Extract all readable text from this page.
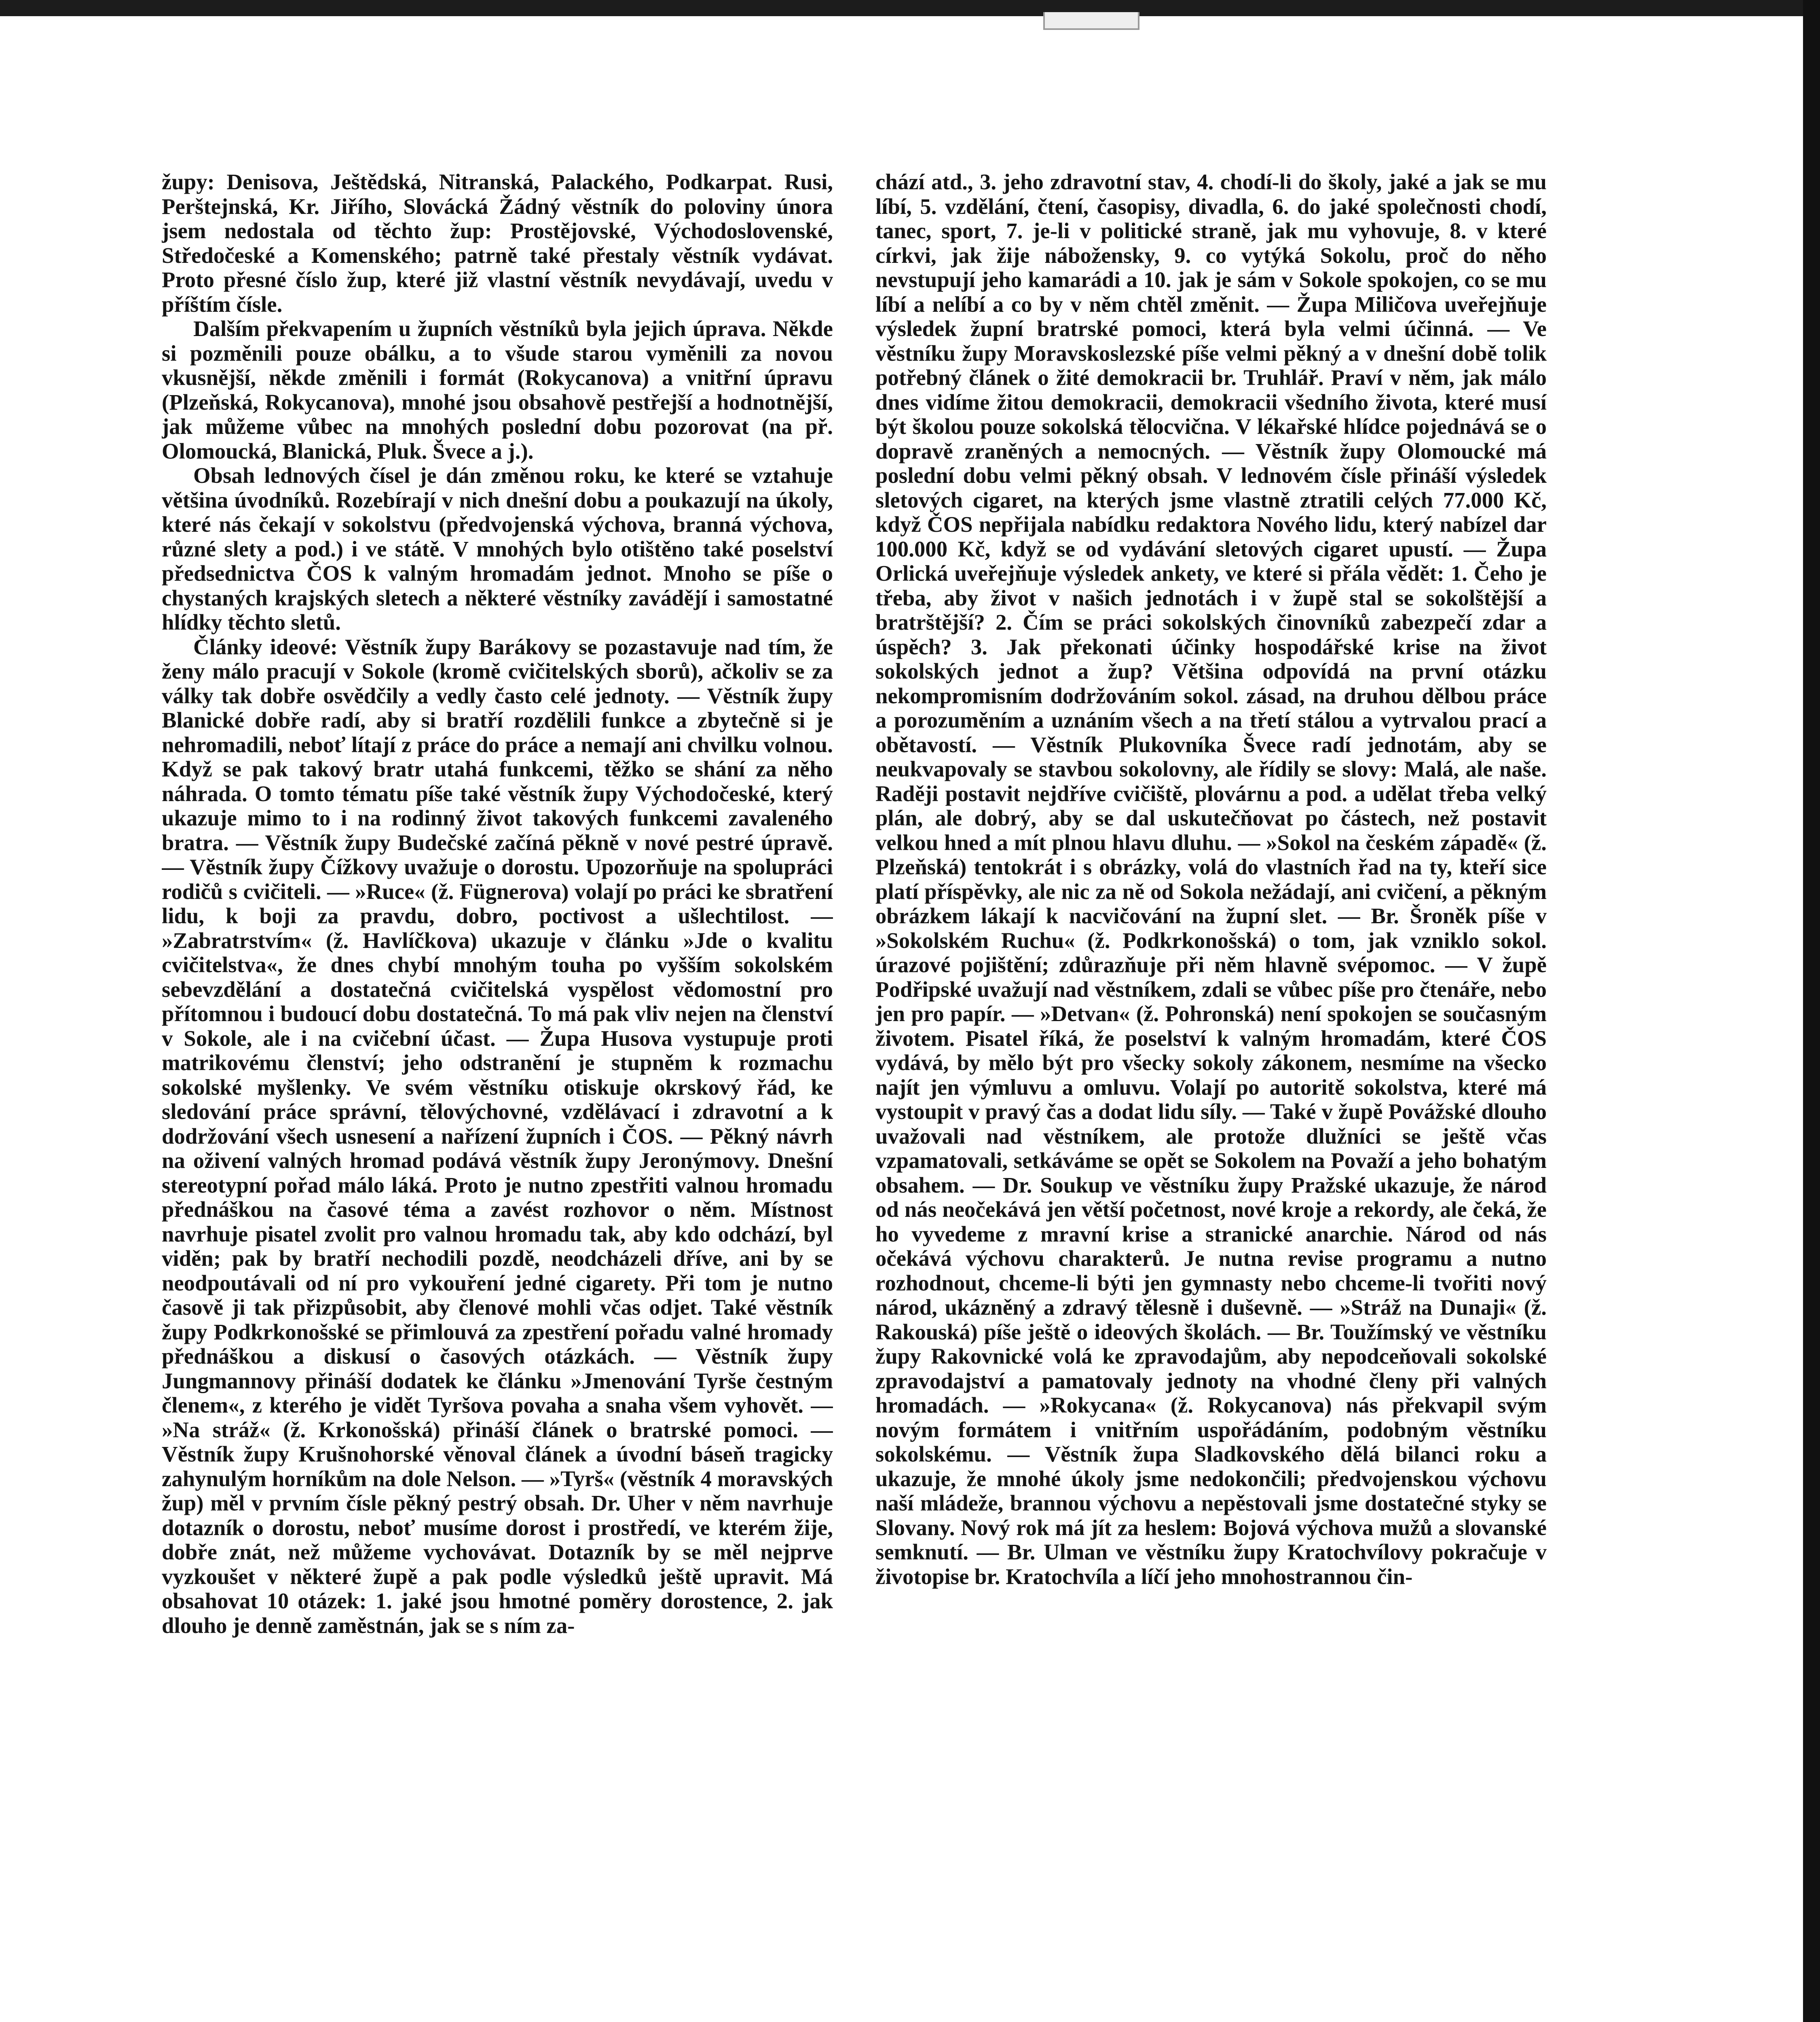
župy: Denisova, Ještědská, Nitranská, Palackého, Podkarpat. Rusi, Perštejnská, Kr. Jiřího, Slovácká Žádný věstník do poloviny února jsem nedostala od těchto žup: Prostějovské, Východoslovenské, Středočeské a Komenského; patrně také přestaly věstník vydávat. Proto přesné číslo žup, které již vlastní věstník nevydávají, uvedu v příštím čísle.

Dalším překvapením u župních věstníků byla jejich úprava. Někde si pozměnili pouze obálku, a to všude starou vyměnili za novou vkusnější, někde změnili i formát (Rokycanova) a vnitřní úpravu (Plzeňská, Rokycanova), mnohé jsou obsahově pestřejší a hodnotnější, jak můžeme vůbec na mnohých poslední dobu pozorovat (na př. Olomoucká, Blanická, Pluk. Švece a j.).

Obsah lednových čísel je dán změnou roku, ke které se vztahuje většina úvodníků. Rozebírají v nich dnešní dobu a poukazují na úkoly, které nás čekají v sokolstvu (předvojenská výchova, branná výchova, různé slety a pod.) i ve státě. V mnohých bylo otištěno také poselství předsednictva ČOS k valným hromadám jednot. Mnoho se píše o chystaných krajských sletech a některé věstníky zavádějí i samostatné hlídky těchto sletů.

Články ideové: Věstník župy Barákovy se pozastavuje nad tím, že ženy málo pracují v Sokole (kromě cvičitelských sborů), ačkoliv se za války tak dobře osvědčily a vedly často celé jednoty. — Věstník župy Blanické dobře radí, aby si bratří rozdělili funkce a zbytečně si je nehromadili, neboť lítají z práce do práce a nemají ani chvilku volnou. Když se pak takový bratr utahá funkcemi, těžko se shání za něho náhrada. O tomto tématu píše také věstník župy Východočeské, který ukazuje mimo to i na rodinný život takových funkcemi zavaleného bratra. — Věstník župy Budečské začíná pěkně v nové pestré úpravě. — Věstník župy Čížkovy uvažuje o dorostu. Upozorňuje na spolupráci rodičů s cvičiteli. — »Ruce« (ž. Fügnerova) volají po práci ke sbratření lidu, k boji za pravdu, dobro, poctivost a ušlechtilost. — »Zabratrstvím« (ž. Havlíčkova) ukazuje v článku »Jde o kvalitu cvičitelstva«, že dnes chybí mnohým touha po vyšším sokolském sebevzdělání a dostatečná cvičitelská vyspělost vědomostní pro přítomnou i budoucí dobu dostatečná. To má pak vliv nejen na členství v Sokole, ale i na cvičební účast. — Župa Husova vystupuje proti matrikovému členství; jeho odstranění je stupněm k rozmachu sokolské myšlenky. Ve svém věstníku otiskuje okrskový řád, ke sledování práce správní, tělovýchovné, vzdělávací i zdravotní a k dodržování všech usnesení a nařízení župních i ČOS. — Pěkný návrh na oživení valných hromad podává věstník župy Jeronýmovy. Dnešní stereotypní pořad málo láká. Proto je nutno zpestřiti valnou hromadu přednáškou na časové téma a zavést rozhovor o něm. Místnost navrhuje pisatel zvolit pro valnou hromadu tak, aby kdo odchází, byl viděn; pak by bratří nechodili pozdě, neodcházeli dříve, ani by se neodpoutávali od ní pro vykouření jedné cigarety. Při tom je nutno časově ji tak přizpůsobit, aby členové mohli včas odjet. Také věstník župy Podkrkonošské se přimlouvá za zpestření pořadu valné hromady přednáškou a diskusí o časových otázkách. — Věstník župy Jungmannovy přináší dodatek ke článku »Jmenování Tyrše čestným členem«, z kterého je vidět Tyršova povaha a snaha všem vyhovět. — »Na stráž« (ž. Krkonošská) přináší článek o bratrské pomoci. — Věstník župy Krušnohorské věnoval článek a úvodní báseň tragicky zahynulým horníkům na dole Nelson. — »Tyrš« (věstník 4 moravských žup) měl v prvním čísle pěkný pestrý obsah. Dr. Uher v něm navrhuje dotazník o dorostu, neboť musíme dorost i prostředí, ve kterém žije, dobře znát, než můžeme vychovávat. Dotazník by se měl nejprve vyzkoušet v některé župě a pak podle výsledků ještě upravit. Má obsahovat 10 otázek: 1. jaké jsou hmotné poměry dorostence, 2. jak dlouho je denně zaměstnán, jak se s ním za-

chází atd., 3. jeho zdravotní stav, 4. chodí-li do školy, jaké a jak se mu líbí, 5. vzdělání, čtení, časopisy, divadla, 6. do jaké společnosti chodí, tanec, sport, 7. je-li v politické straně, jak mu vyhovuje, 8. v které církvi, jak žije nábožensky, 9. co vytýká Sokolu, proč do něho nevstupují jeho kamarádi a 10. jak je sám v Sokole spokojen, co se mu líbí a nelíbí a co by v něm chtěl změnit. — Župa Miličova uveřejňuje výsledek župní bratrské pomoci, která byla velmi účinná. — Ve věstníku župy Moravskoslezské píše velmi pěkný a v dnešní době tolik potřebný článek o žité demokracii br. Truhlář. Praví v něm, jak málo dnes vidíme žitou demokracii, demokracii všedního života, které musí být školou pouze sokolská tělocvična. V lékařské hlídce pojednává se o dopravě zraněných a nemocných. — Věstník župy Olomoucké má poslední dobu velmi pěkný obsah. V lednovém čísle přináší výsledek sletových cigaret, na kterých jsme vlastně ztratili celých 77.000 Kč, když ČOS nepřijala nabídku redaktora Nového lidu, který nabízel dar 100.000 Kč, když se od vydávání sletových cigaret upustí. — Župa Orlická uveřejňuje výsledek ankety, ve které si přála vědět: 1. Čeho je třeba, aby život v našich jednotách i v župě stal se sokolštější a bratrštější? 2. Čím se práci sokolských činovníků zabezpečí zdar a úspěch? 3. Jak překonati účinky hospodářské krise na život sokolských jednot a žup? Většina odpovídá na první otázku nekompromisním dodržováním sokol. zásad, na druhou dělbou práce a porozuměním a uznáním všech a na třetí stálou a vytrvalou prací a obětavostí. — Věstník Plukovníka Švece radí jednotám, aby se neukvapovaly se stavbou sokolovny, ale řídily se slovy: Malá, ale naše. Raději postavit nejdříve cvičiště, plovárnu a pod. a udělat třeba velký plán, ale dobrý, aby se dal uskutečňovat po částech, než postavit velkou hned a mít plnou hlavu dluhu. — »Sokol na českém západě« (ž. Plzeňská) tentokrát i s obrázky, volá do vlastních řad na ty, kteří sice platí příspěvky, ale nic za ně od Sokola nežádají, ani cvičení, a pěkným obrázkem lákají k nacvičování na župní slet. — Br. Šroněk píše v »Sokolském Ruchu« (ž. Podkrkonošská) o tom, jak vzniklo sokol. úrazové pojištění; zdůrazňuje při něm hlavně svépomoc. — V župě Podřipské uvažují nad věstníkem, zdali se vůbec píše pro čtenáře, nebo jen pro papír. — »Detvan« (ž. Pohronská) není spokojen se současným životem. Pisatel říká, že poselství k valným hromadám, které ČOS vydává, by mělo být pro všecky sokoly zákonem, nesmíme na všecko najít jen výmluvu a omluvu. Volají po autoritě sokolstva, které má vystoupit v pravý čas a dodat lidu síly. — Také v župě Povážské dlouho uvažovali nad věstníkem, ale protože dlužníci se ještě včas vzpamatovali, setkáváme se opět se Sokolem na Považí a jeho bohatým obsahem. — Dr. Soukup ve věstníku župy Pražské ukazuje, že národ od nás neočekává jen větší početnost, nové kroje a rekordy, ale čeká, že ho vyvedeme z mravní krise a stranické anarchie. Národ od nás očekává výchovu charakterů. Je nutna revise programu a nutno rozhodnout, chceme-li býti jen gymnasty nebo chceme-li tvořiti nový národ, ukázněný a zdravý tělesně i duševně. — »Stráž na Dunaji« (ž. Rakouská) píše ještě o ideových školách. — Br. Toužímský ve věstníku župy Rakovnické volá ke zpravodajům, aby nepodceňovali sokolské zpravodajství a pamatovaly jednoty na vhodné členy při valných hromadách. — »Rokycana« (ž. Rokycanova) nás překvapil svým novým formátem i vnitřním uspořádáním, podobným věstníku sokolskému. — Věstník župa Sladkovského dělá bilanci roku a ukazuje, že mnohé úkoly jsme nedokončili; předvojenskou výchovu naší mládeže, brannou výchovu a nepěstovali jsme dostatečné styky se Slovany. Nový rok má jít za heslem: Bojová výchova mužů a slovanské semknutí. — Br. Ulman ve věstníku župy Kratochvílovy pokračuje v životopise br. Kratochvíla a líčí jeho mnohostrannou čin-
